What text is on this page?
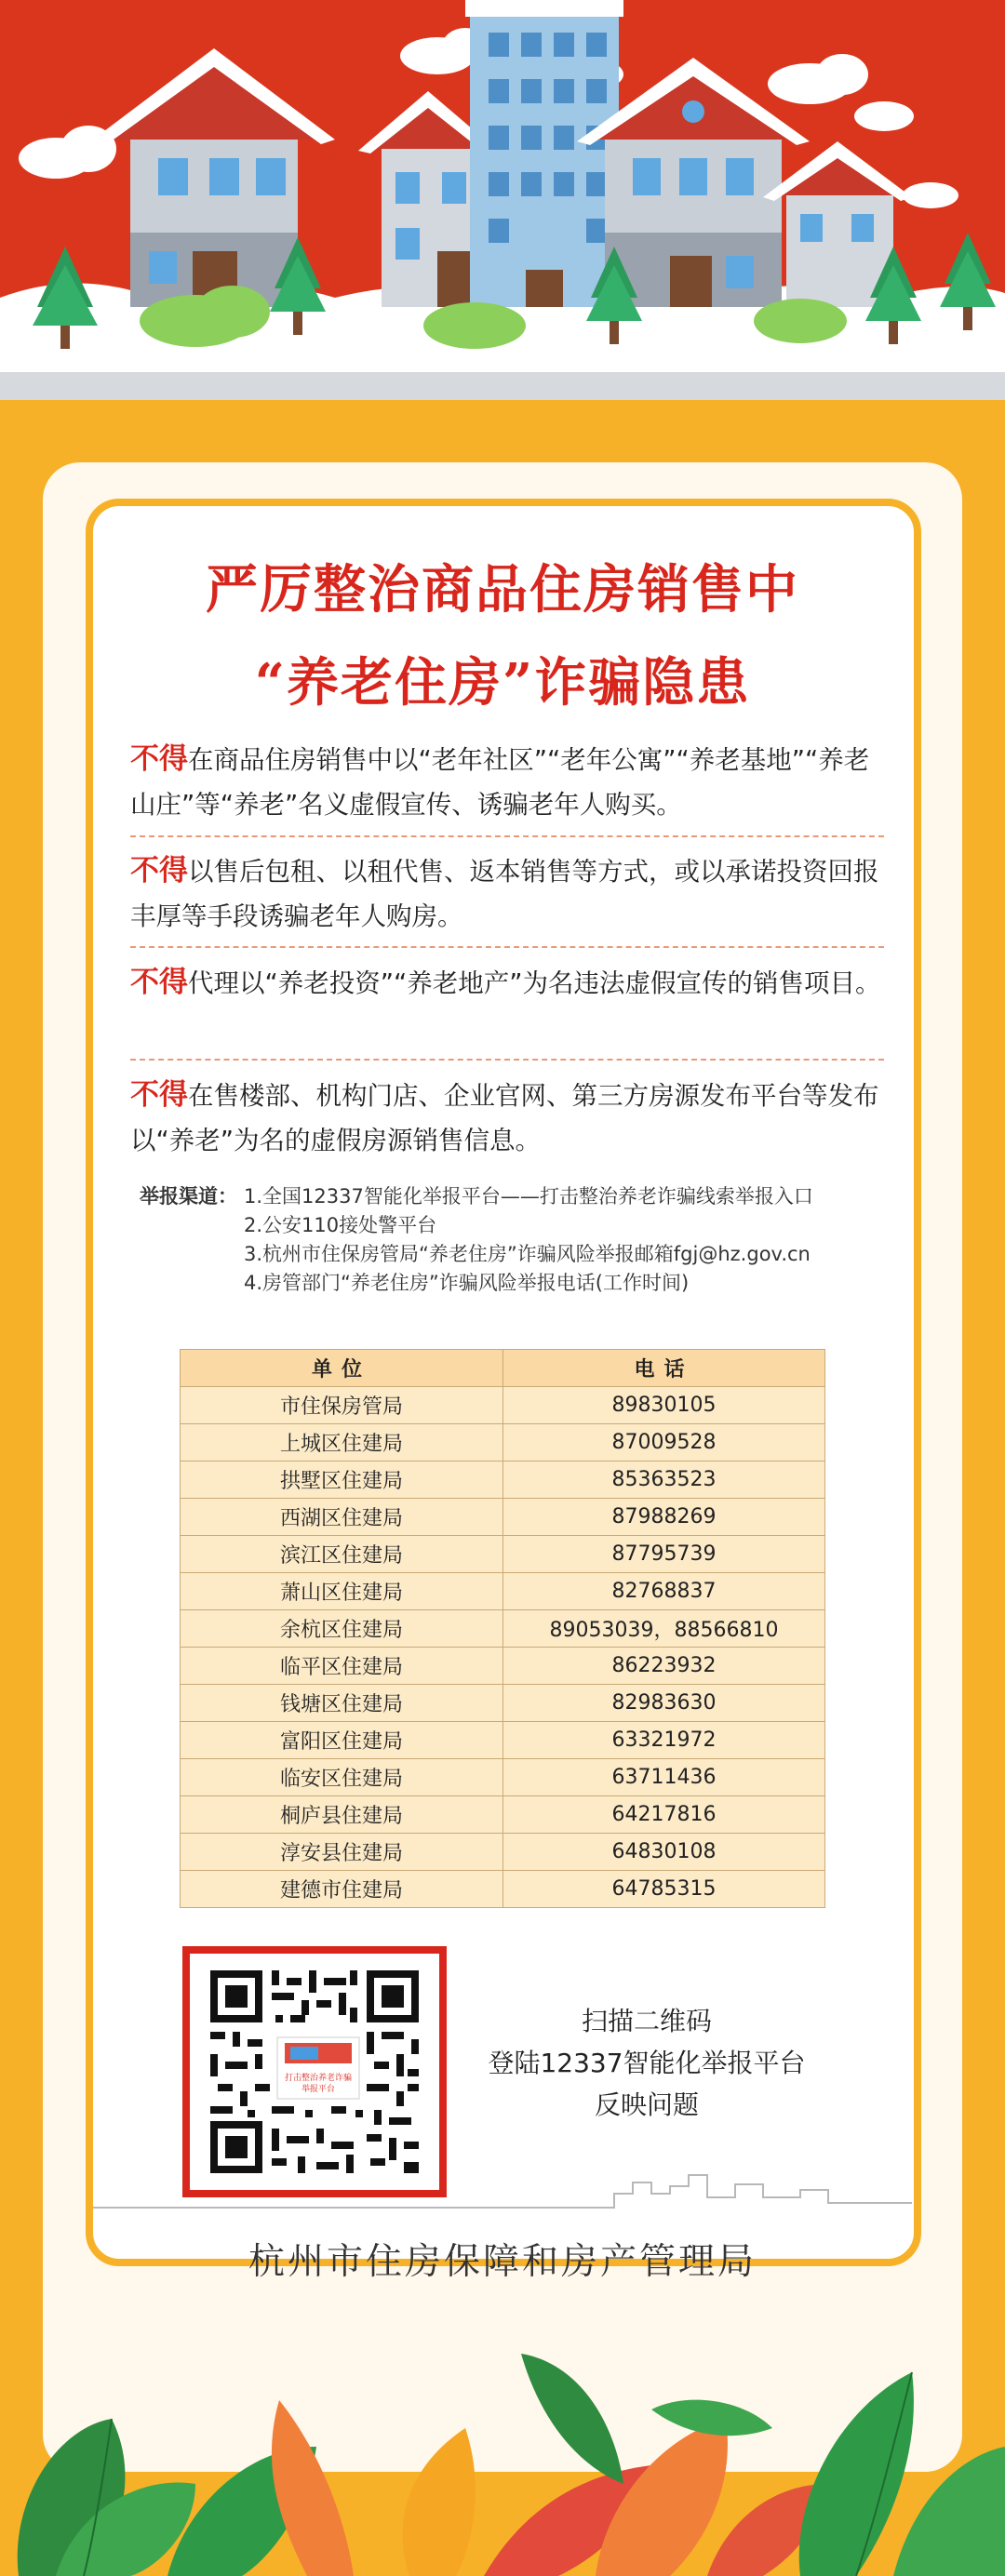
严厉整治商品住房销售中
“养老住房”诈骗隐患
不得在商品住房销售中以“老年社区”“老年公寓”“养老基地”“养老山庄”等“养老”名义虚假宣传、诱骗老年人购买。
不得以售后包租、以租代售、返本销售等方式，或以承诺投资回报丰厚等手段诱骗老年人购房。
不得代理以“养老投资”“养老地产”为名违法虚假宣传的销售项目。
不得在售楼部、机构门店、企业官网、第三方房源发布平台等发布以“养老”为名的虚假房源销售信息。
举报渠道： 1.全国12337智能化举报平台——打击整治养老诈骗线索举报入口
2.公安110接处警平台
3.杭州市住保房管局“养老住房”诈骗风险举报邮箱fgj@hz.gov.cn
4.房管部门“养老住房”诈骗风险举报电话(工作时间)
单位	电话
市住保房管局	89830105
上城区住建局	87009528
拱墅区住建局	85363523
西湖区住建局	87988269
滨江区住建局	87795739
萧山区住建局	82768837
余杭区住建局	89053039，88566810
临平区住建局	86223932
钱塘区住建局	82983630
富阳区住建局	63321972
临安区住建局	63711436
桐庐县住建局	64217816
淳安县住建局	64830108
建德市住建局	64785315
打击整治养老诈骗
举报平台
扫描二维码
登陆12337智能化举报平台
反映问题
杭州市住房保障和房产管理局
